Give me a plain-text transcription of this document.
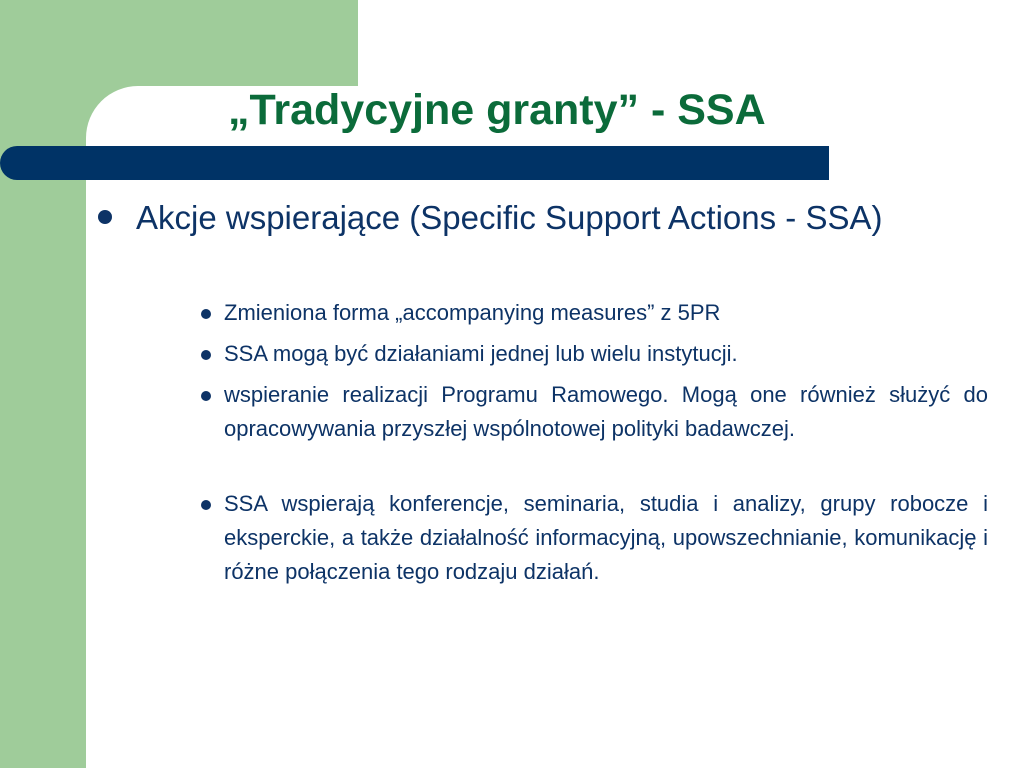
„Tradycyjne granty” - SSA
Akcje wspierające (Specific Support Actions - SSA)
Zmieniona forma „accompanying measures” z 5PR
SSA mogą być działaniami jednej lub wielu instytucji.
wspieranie realizacji Programu Ramowego. Mogą one również służyć do opracowywania przyszłej wspólnotowej polityki badawczej.
SSA wspierają konferencje, seminaria, studia i analizy, grupy robocze i eksperckie, a także działalność informacyjną, upowszechnianie, komunikację i różne połączenia tego rodzaju działań.
